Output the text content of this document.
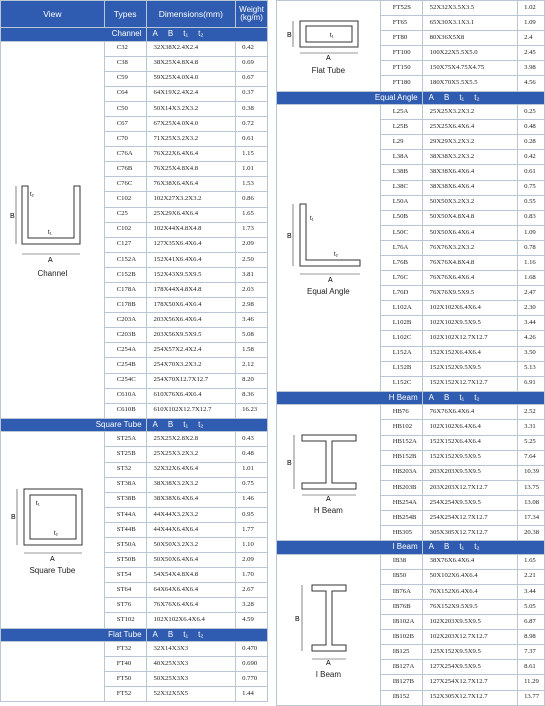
View	Types	Dimensions(mm)	Weight (kg/m)
Channel		A B t₁ t₂	

B
A
t₁
t₂
Channel	C32	32X38X2.4X2.4	0.42
	C38	38X25X4.8X4.8	0.69
	C59	59X25X4.0X4.0	0.67
	C64	64X19X2.4X2.4	0.37
	C50	50X14X3.2X3.2	0.38
	C67	67X25X4.0X4.0	0.72
	C70	71X25X3.2X3.2	0.61
	C76A	76X22X6.4X6.4	1.15
	C76B	76X25X4.8X4.8	1.01
	C76C	76X38X6.4X6.4	1.53
	C102	102X27X3.2X3.2	0.86
	C25	25X29X6.4X6.4	1.65
	C102	102X44X4.8X4.8	1.73
	C127	127X35X6.4X6.4	2.09
	C152A	152X41X6.4X6.4	2.50
	C152B	152X43X9.5X9.5	3.81
	C178A	178X44X4.8X4.8	2.03
	C178B	178X50X6.4X6.4	2.98
	C203A	203X56X6.4X6.4	3.46
	C203B	203X56X9.5X9.5	5.08
	C254A	254X57X2.4X2.4	1.58
	C254B	254X70X3.2X3.2	2.12
	C254C	254X70X12.7X12.7	8.20
	C610A	610X76X6.4X6.4	8.36
	C610B	610X102X12.7X12.7	16.23
Square Tube		A B t₁ t₂	

B
A
t₁
t₂
Square Tube	ST25A	25X25X2.8X2.8	0.43
	ST25B	25X25X3.2X3.2	0.48
	ST32	32X32X6.4X6.4	1.01
	ST38A	38X38X3.2X3.2	0.75
	ST38B	38X38X6.4X6.4	1.46
	ST44A	44X44X3.2X3.2	0.95
	ST44B	44X44X6.4X6.4	1.77
	ST50A	50X50X3.2X3.2	1.10
	ST50B	50X50X6.4X6.4	2.09
	ST54	54X54X4.8X4.8	1.70
	ST64	64X64X6.4X6.4	2.67
	ST76	76X76X6.4X6.4	3.28
	ST102	102X102X6.4X6.4	4.59
Flat Tube		A B t₁ t₂	
	FT32	32X14X3X3	0.470
	FT40	40X25X3X3	0.690
	FT50	50X25X3X3	0.770
	FT52	52X32X5X5	1.44
B
A
t₁
Flat Tube	FT52S	52X32X3.5X3.5	1.02
	FT65	65X30X3.1X3.1	1.09
	FT80	80X36X5X8	2.4
	FT100	100X22X5.5X5.0	2.45
	FT150	150X75X4.75X4.75	3.98
	FT180	180X70X5.5X5.5	4.56
Equal Angle		A B t₁ t₂	

B
A
t₁
t₂
Equal Angle	L25A	25X25X3.2X3.2	0.25
	L25B	25X25X6.4X6.4	0.48
	L29	29X29X3.2X3.2	0.28
	L38A	38X38X3.2X3.2	0.42
	L38B	38X38X6.4X6.4	0.61
	L38C	38X38X6.4X6.4	0.75
	L50A	50X50X3.2X3.2	0.55
	L50B	50X50X4.8X4.8	0.83
	L50C	50X50X6.4X6.4	1.09
	L76A	76X76X3.2X3.2	0.78
	L76B	76X76X4.8X4.8	1.16
	L76C	76X76X6.4X6.4	1.68
	L76D	76X76X9.5X9.5	2.47
	L102A	102X102X6.4X6.4	2.30
	L102B	102X102X9.5X9.5	3.44
	L102C	102X102X12.7X12.7	4.26
	L152A	152X152X6.4X6.4	3.50
	L152B	152X152X9.5X9.5	5.13
	L152C	152X152X12.7X12.7	6.91
H Beam		A B t₁ t₂	

B
A
H Beam	HB76	76X76X6.4X6.4	2.52
	HB102	102X102X6.4X6.4	3.31
	HB152A	152X152X6.4X6.4	5.25
	HB152B	152X152X9.5X9.5	7.64
	HB203A	203X203X9.5X9.5	10.39
	HB203B	203X203X12.7X12.7	13.75
	HB254A	254X254X9.5X9.5	13.08
	HB254B	254X254X12.7X12.7	17.34
	HB305	305X305X12.7X12.7	20.38
I Beam		A B t₁ t₂	

B
A
I Beam	IB38	38X76X6.4X6.4	1.65
	IB50	50X102X6.4X6.4	2.21
	IB76A	76X152X6.4X6.4	3.44
	IB76B	76X152X9.5X9.5	5.05
	IB102A	102X203X9.5X9.5	6.87
	IB102B	102X203X12.7X12.7	8.98
	IB125	125X152X9.5X9.5	7.37
	IB127A	127X254X9.5X9.5	8.61
	IB127B	127X254X12.7X12.7	11.29
	IB152	152X305X12.7X12.7	13.77
